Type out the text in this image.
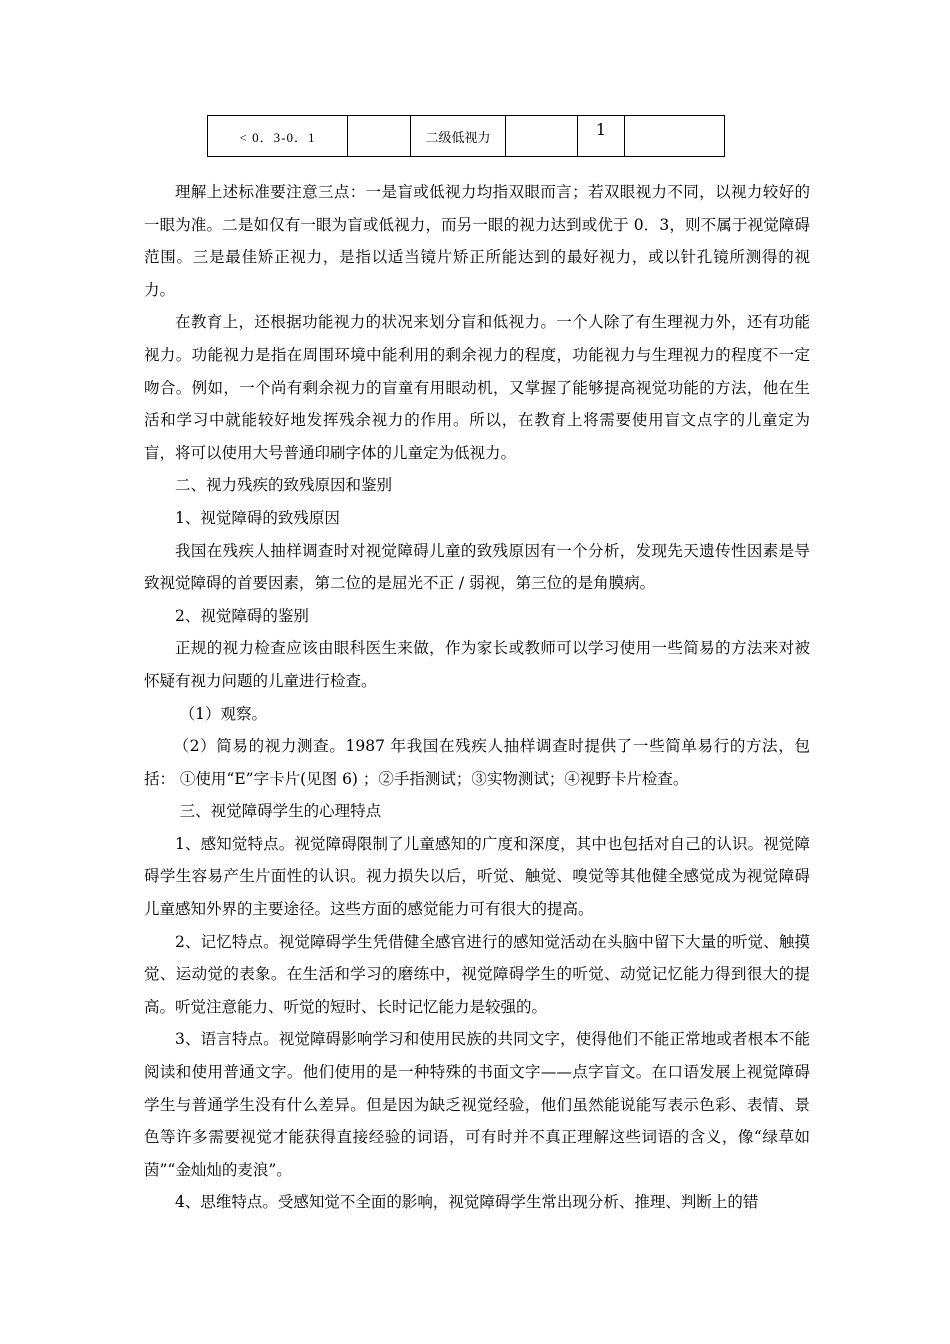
< 0．3-0．1		二级低视力		1	

理解上述标准要注意三点：一是盲或低视力均指双眼而言；若双眼视力不同，以视力较好的一眼为准。二是如仅有一眼为盲或低视力，而另一眼的视力达到或优于 0．3，则不属于视觉障碍范围。三是最佳矫正视力，是指以适当镜片矫正所能达到的最好视力，或以针孔镜所测得的视力。

在教育上，还根据功能视力的状况来划分盲和低视力。一个人除了有生理视力外，还有功能视力。功能视力是指在周围环境中能利用的剩余视力的程度，功能视力与生理视力的程度不一定吻合。例如，一个尚有剩余视力的盲童有用眼动机，又掌握了能够提高视觉功能的方法，他在生活和学习中就能较好地发挥残余视力的作用。所以，在教育上将需要使用盲文点字的儿童定为盲，将可以使用大号普通印刷字体的儿童定为低视力。

二、视力残疾的致残原因和鉴别

1、视觉障碍的致残原因

我国在残疾人抽样调查时对视觉障碍儿童的致残原因有一个分析，发现先天遗传性因素是导致视觉障碍的首要因素，第二位的是屈光不正 / 弱视，第三位的是角膜病。

2、视觉障碍的鉴别

正规的视力检查应该由眼科医生来做，作为家长或教师可以学习使用一些简易的方法来对被怀疑有视力问题的儿童进行检查。

（1）观察。

（2）简易的视力测查。1987 年我国在残疾人抽样调查时提供了一些简单易行的方法，包括： ①使用“E”字卡片(见图 6) ；②手指测试；③实物测试；④视野卡片检查。

三、视觉障碍学生的心理特点

1、感知觉特点。视觉障碍限制了儿童感知的广度和深度，其中也包括对自己的认识。视觉障碍学生容易产生片面性的认识。视力损失以后，听觉、触觉、嗅觉等其他健全感觉成为视觉障碍儿童感知外界的主要途径。这些方面的感觉能力可有很大的提高。

2、记忆特点。视觉障碍学生凭借健全感官进行的感知觉活动在头脑中留下大量的听觉、触摸觉、运动觉的表象。在生活和学习的磨练中，视觉障碍学生的听觉、动觉记忆能力得到很大的提高。听觉注意能力、听觉的短时、长时记忆能力是较强的。

3、语言特点。视觉障碍影响学习和使用民族的共同文字，使得他们不能正常地或者根本不能阅读和使用普通文字。他们使用的是一种特殊的书面文字——点字盲文。在口语发展上视觉障碍学生与普通学生没有什么差异。但是因为缺乏视觉经验，他们虽然能说能写表示色彩、表情、景色等许多需要视觉才能获得直接经验的词语，可有时并不真正理解这些词语的含义，像“绿草如茵”“金灿灿的麦浪”。

4、思维特点。受感知觉不全面的影响，视觉障碍学生常出现分析、推理、判断上的错
